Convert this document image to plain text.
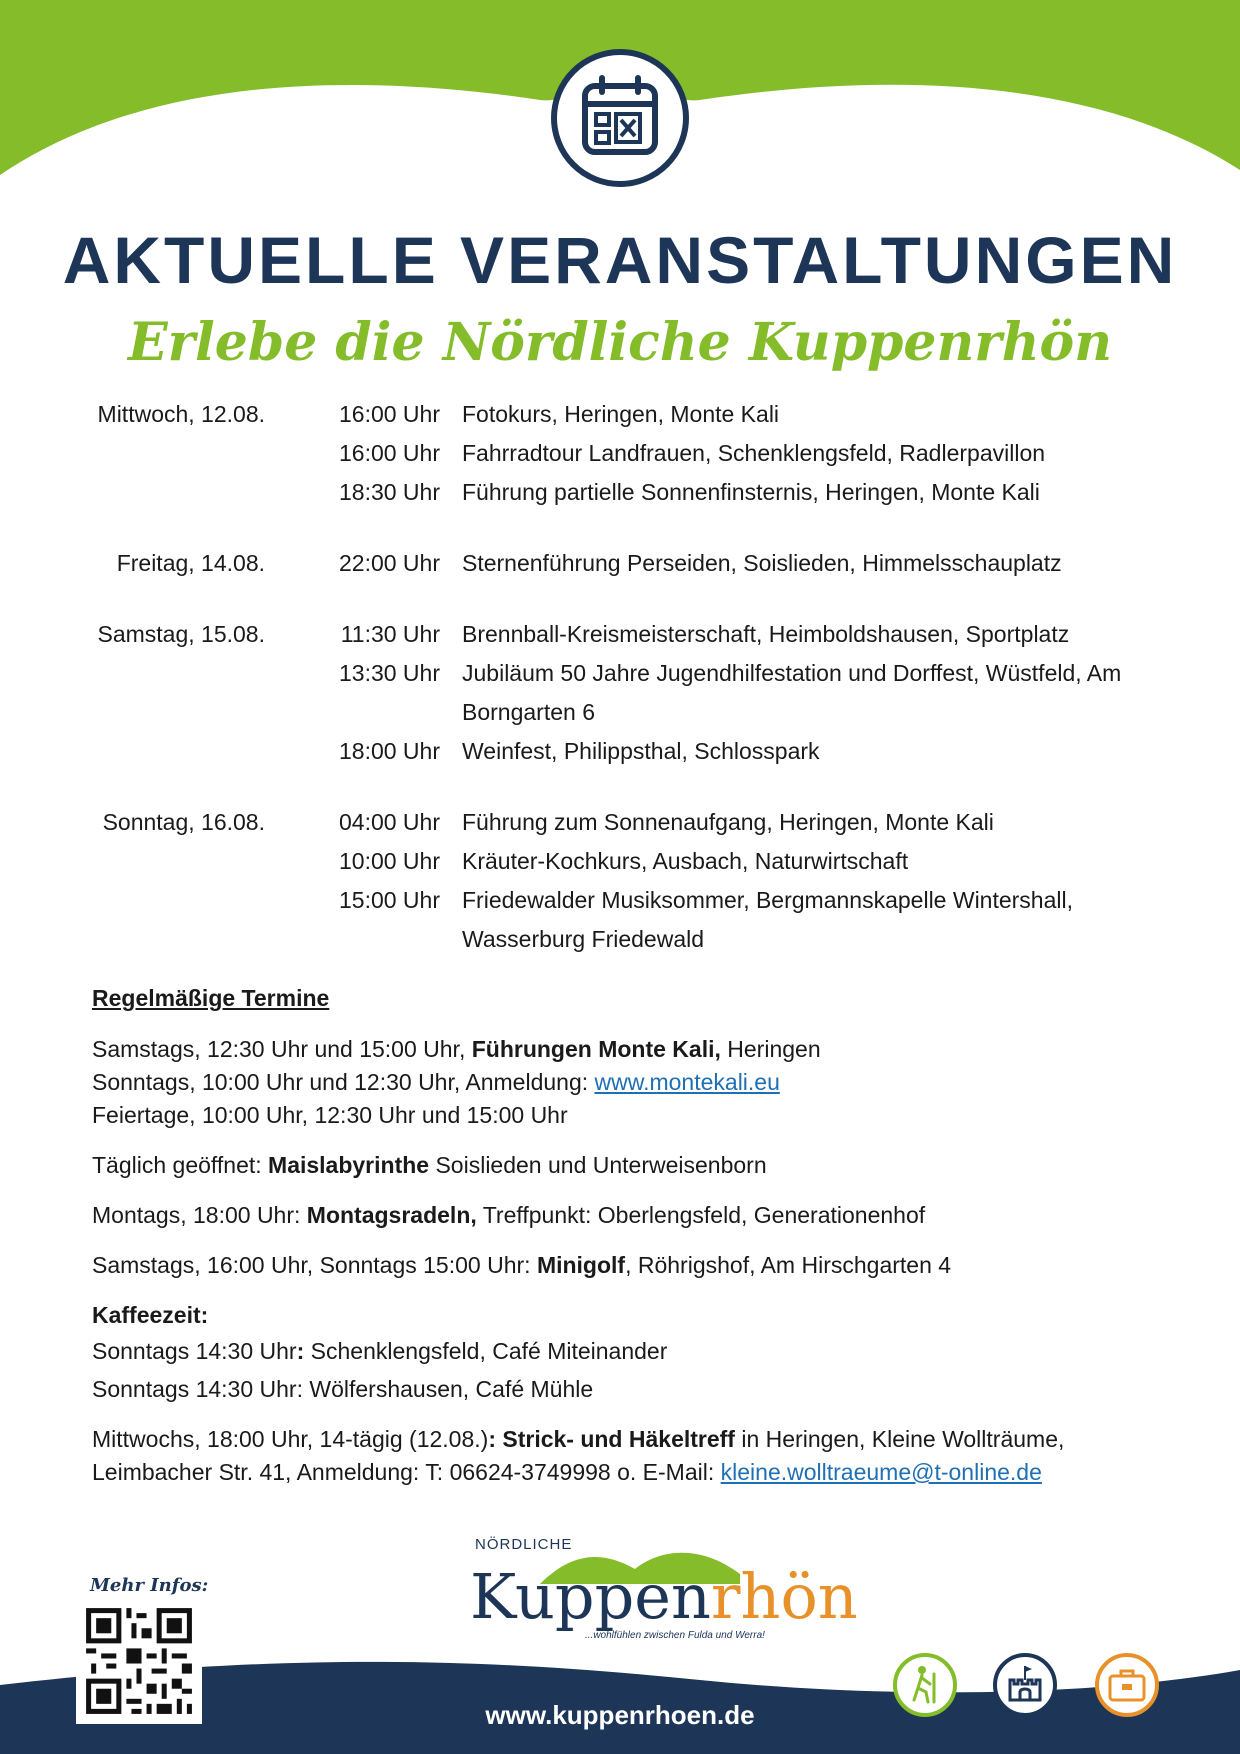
AKTUELLE VERANSTALTUNGEN
Erlebe die Nördliche Kuppenrhön
Mittwoch, 12.08.	16:00 Uhr Fotokurs, Heringen, Monte Kali
16:00 Uhr Fahrradtour Landfrauen, Schenklengsfeld, Radlerpavillon
18:30 Uhr Führung partielle Sonnenfinsternis, Heringen, Monte Kali
Freitag, 14.08.	22:00 Uhr Sternenführung Perseiden, Soislieden, Himmelsschauplatz
Samstag, 15.08.	11:30 Uhr Brennball-Kreismeisterschaft, Heimboldshausen, Sportplatz
13:30 Uhr Jubiläum 50 Jahre Jugendhilfestation und Dorffest, Wüstfeld, Am Borngarten 6
18:00 Uhr Weinfest, Philippsthal, Schlosspark
Sonntag, 16.08.	04:00 Uhr Führung zum Sonnenaufgang, Heringen, Monte Kali
10:00 Uhr Kräuter-Kochkurs, Ausbach, Naturwirtschaft
15:00 Uhr Friedewalder Musiksommer, Bergmannskapelle Wintershall, Wasserburg Friedewald

Regelmäßige Termine

Samstags, 12:30 Uhr und 15:00 Uhr, Führungen Monte Kali, Heringen

Sonntags, 10:00 Uhr und 12:30 Uhr, Anmeldung: www.montekali.eu

Feiertage, 10:00 Uhr, 12:30 Uhr und 15:00 Uhr

Täglich geöffnet: Maislabyrinthe Soislieden und Unterweisenborn

Montags, 18:00 Uhr: Montagsradeln, Treffpunkt: Oberlengsfeld, Generationenhof

Samstags, 16:00 Uhr, Sonntags 15:00 Uhr: Minigolf, Röhrigshof, Am Hirschgarten 4

Kaffeezeit:

Sonntags 14:30 Uhr: Schenklengsfeld, Café Miteinander

Sonntags 14:30 Uhr: Wölfershausen, Café Mühle

Mittwochs, 18:00 Uhr, 14-tägig (12.08.): Strick- und Häkeltreff in Heringen, Kleine Wollträume,

Leimbacher Str. 41, Anmeldung: T: 06624-3749998 o. E-Mail: kleine.wolltraeume@t-online.de

NÖRDLICHE
Kuppenrhön
...wohlfühlen zwischen Fulda und Werra!
Mehr Infos:
www.kuppenrhoen.de
